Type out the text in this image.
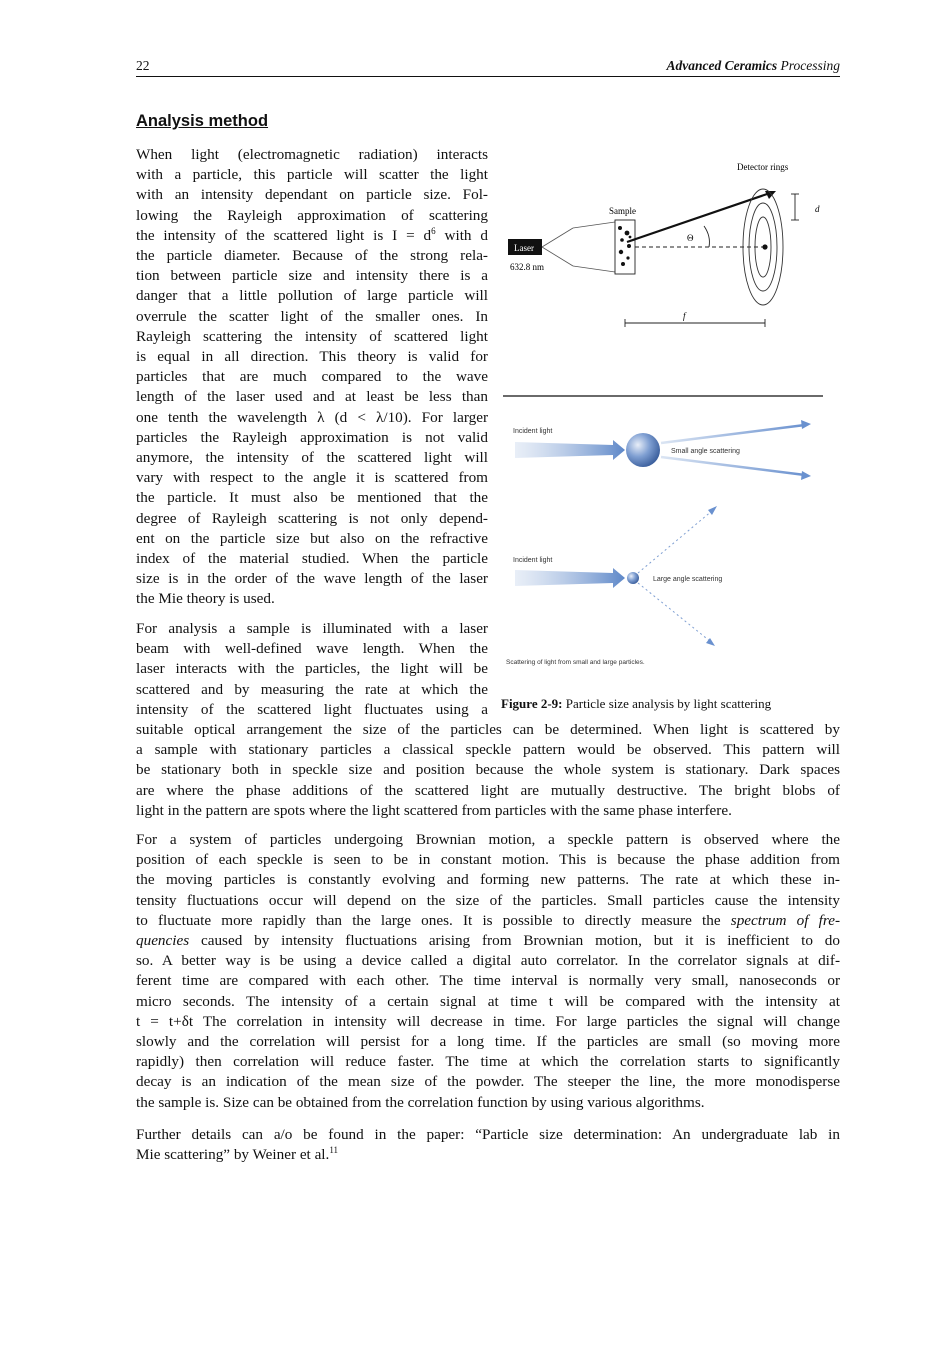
22	Advanced Ceramics Processing
Analysis method
When light (electromagnetic radiation) interacts
with a particle, this particle will scatter the light
with an intensity dependant on particle size. Fol-
lowing the Rayleigh approximation of scattering
the intensity of the scattered light is $I = d^6$ with d
the particle diameter. Because of the strong rela-
tion between particle size and intensity there is a
danger that a little pollution of large particle will
overrule the scatter light of the smaller ones. In
Rayleigh scattering the intensity of scattered light
is equal in all direction. This theory is valid for
particles that are much compared to the wave
length of the laser used and at least be less than
one tenth the wavelength λ (d < λ/10). For larger
particles the Rayleigh approximation is not valid
anymore, the intensity of the scattered light will
vary with respect to the angle it is scattered from
the particle. It must also be mentioned that the
degree of Rayleigh scattering is not only depend-
ent on the particle size but also on the refractive
index of the material studied. When the particle
size is in the order of the wave length of the laser
the Mie theory is used.
For analysis a sample is illuminated with a laser
beam with well-defined wave length. When the
laser interacts with the particles, the light will be
scattered and by measuring the rate at which the
intensity of the scattered light fluctuates using a
suitable optical arrangement the size of the particles can be determined. When light is scattered by
a sample with stationary particles a classical speckle pattern would be observed. This pattern will
be stationary both in speckle size and position because the whole system is stationary. Dark spaces
are where the phase additions of the scattered light are mutually destructive. The bright blobs of
light in the pattern are spots where the light scattered from particles with the same phase interfere.
For a system of particles undergoing Brownian motion, a speckle pattern is observed where the
position of each speckle is seen to be in constant motion. This is because the phase addition from
the moving particles is constantly evolving and forming new patterns. The rate at which these in-
tensity fluctuations occur will depend on the size of the particles. Small particles cause the intensity
to fluctuate more rapidly than the large ones. It is possible to directly measure the spectrum of fre-
quencies caused by intensity fluctuations arising from Brownian motion, but it is inefficient to do
so. A better way is be using a device called a digital auto correlator. In the correlator signals at dif-
ferent time are compared with each other. The time interval is normally very small, nanoseconds or
micro seconds. The intensity of a certain signal at time t will be compared with the intensity at
t = t+δt The correlation in intensity will decrease in time. For large particles the signal will change
slowly and the correlation will persist for a long time. If the particles are small (so moving more
rapidly) then correlation will reduce faster. The time at which the correlation starts to significantly
decay is an indication of the mean size of the powder. The steeper the line, the more monodisperse
the sample is. Size can be obtained from the correlation function by using various algorithms.
Further details can a/o be found in the paper: “Particle size determination: An undergraduate lab in
Mie scattering” by Weiner et al.$^{11}$
Laser
632.8 nm
Sample
Θ
Detector rings
d
f
Incident light
Small angle scattering
Incident light
Large angle scattering
Scattering of light from small and large particles.
Figure 2-9: Particle size analysis by light scattering
